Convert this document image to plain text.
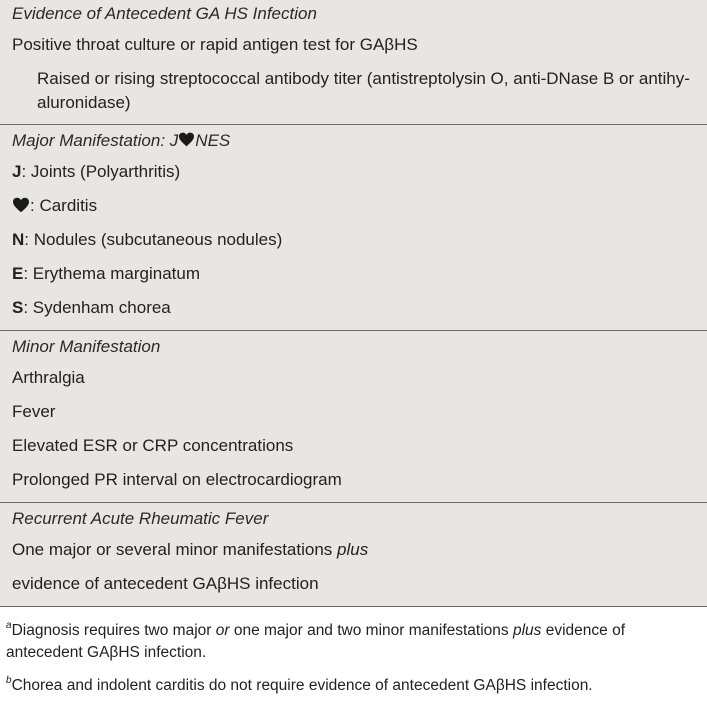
Evidence of Antecedent GA HS Infection
Positive throat culture or rapid antigen test for GAβHS
Raised or rising streptococcal antibody titer (antistreptolysin O, anti-DNase B or antihy-aluronidase)
Major Manifestation: J NES
J: Joints (Polyarthritis)
: Carditis
N: Nodules (subcutaneous nodules)
E: Erythema marginatum
S: Sydenham chorea
Minor Manifestation
Arthralgia
Fever
Elevated ESR or CRP concentrations
Prolonged PR interval on electrocardiogram
Recurrent Acute Rheumatic Fever
One major or several minor manifestations plus
evidence of antecedent GAβHS infection
$^a$Diagnosis requires two major or one major and two minor manifestations plus evidence of antecedent GAβHS infection.
$^b$Chorea and indolent carditis do not require evidence of antecedent GAβHS infection.
